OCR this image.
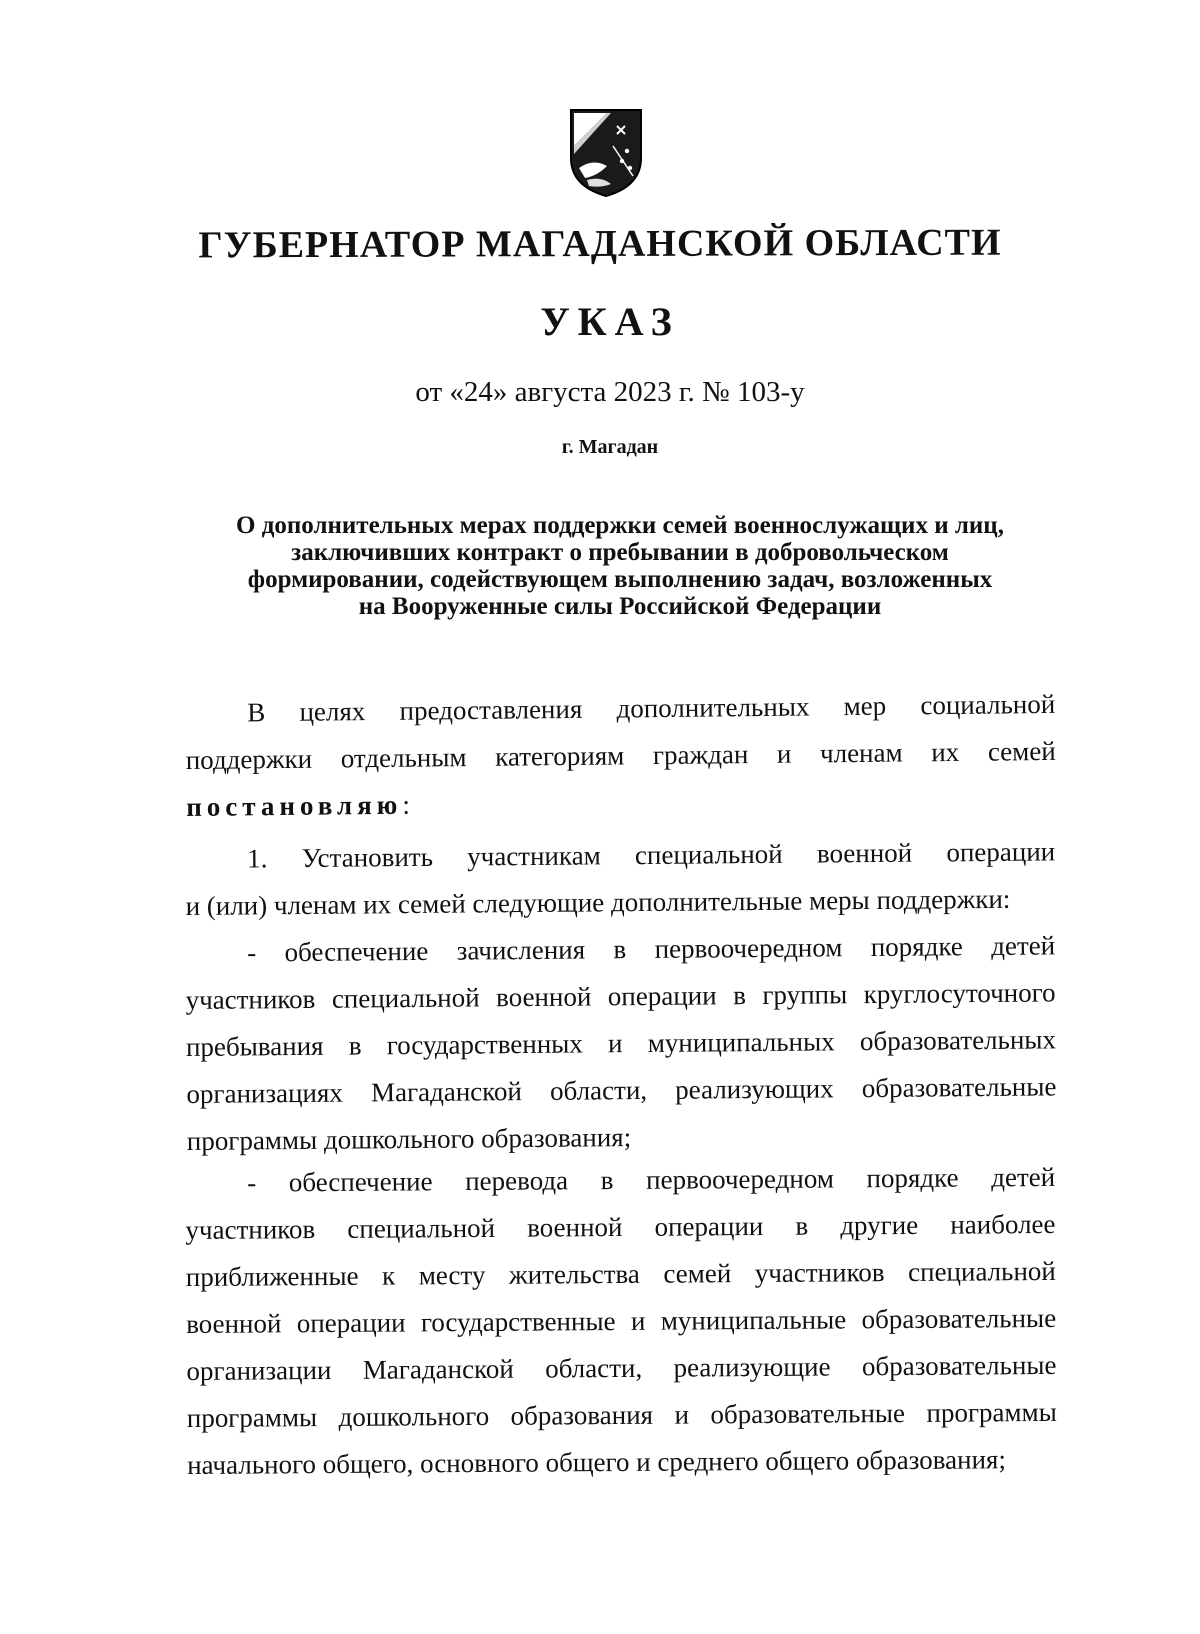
ГУБЕРНАТОР МАГАДАНСКОЙ ОБЛАСТИ
УКАЗ
от «24» августа 2023 г. № 103-у
г. Магадан
О дополнительных мерах поддержки семей военнослужащих и лиц,
заключивших контракт о пребывании в добровольческом
формировании, содействующем выполнению задач, возложенных
на Вооруженные силы Российской Федерации
В целях предоставления дополнительных мер социальной
поддержки отдельным категориям граждан и членам их семей
постановляю:
1. Установить участникам специальной военной операции
и (или) членам их семей следующие дополнительные меры поддержки:
- обеспечение зачисления в первоочередном порядке детей
участников специальной военной операции в группы круглосуточного
пребывания в государственных и муниципальных образовательных
организациях Магаданской области, реализующих образовательные
программы дошкольного образования;
- обеспечение перевода в первоочередном порядке детей
участников специальной военной операции в другие наиболее
приближенные к месту жительства семей участников специальной
военной операции государственные и муниципальные образовательные
организации Магаданской области, реализующие образовательные
программы дошкольного образования и образовательные программы
начального общего, основного общего и среднего общего образования;
